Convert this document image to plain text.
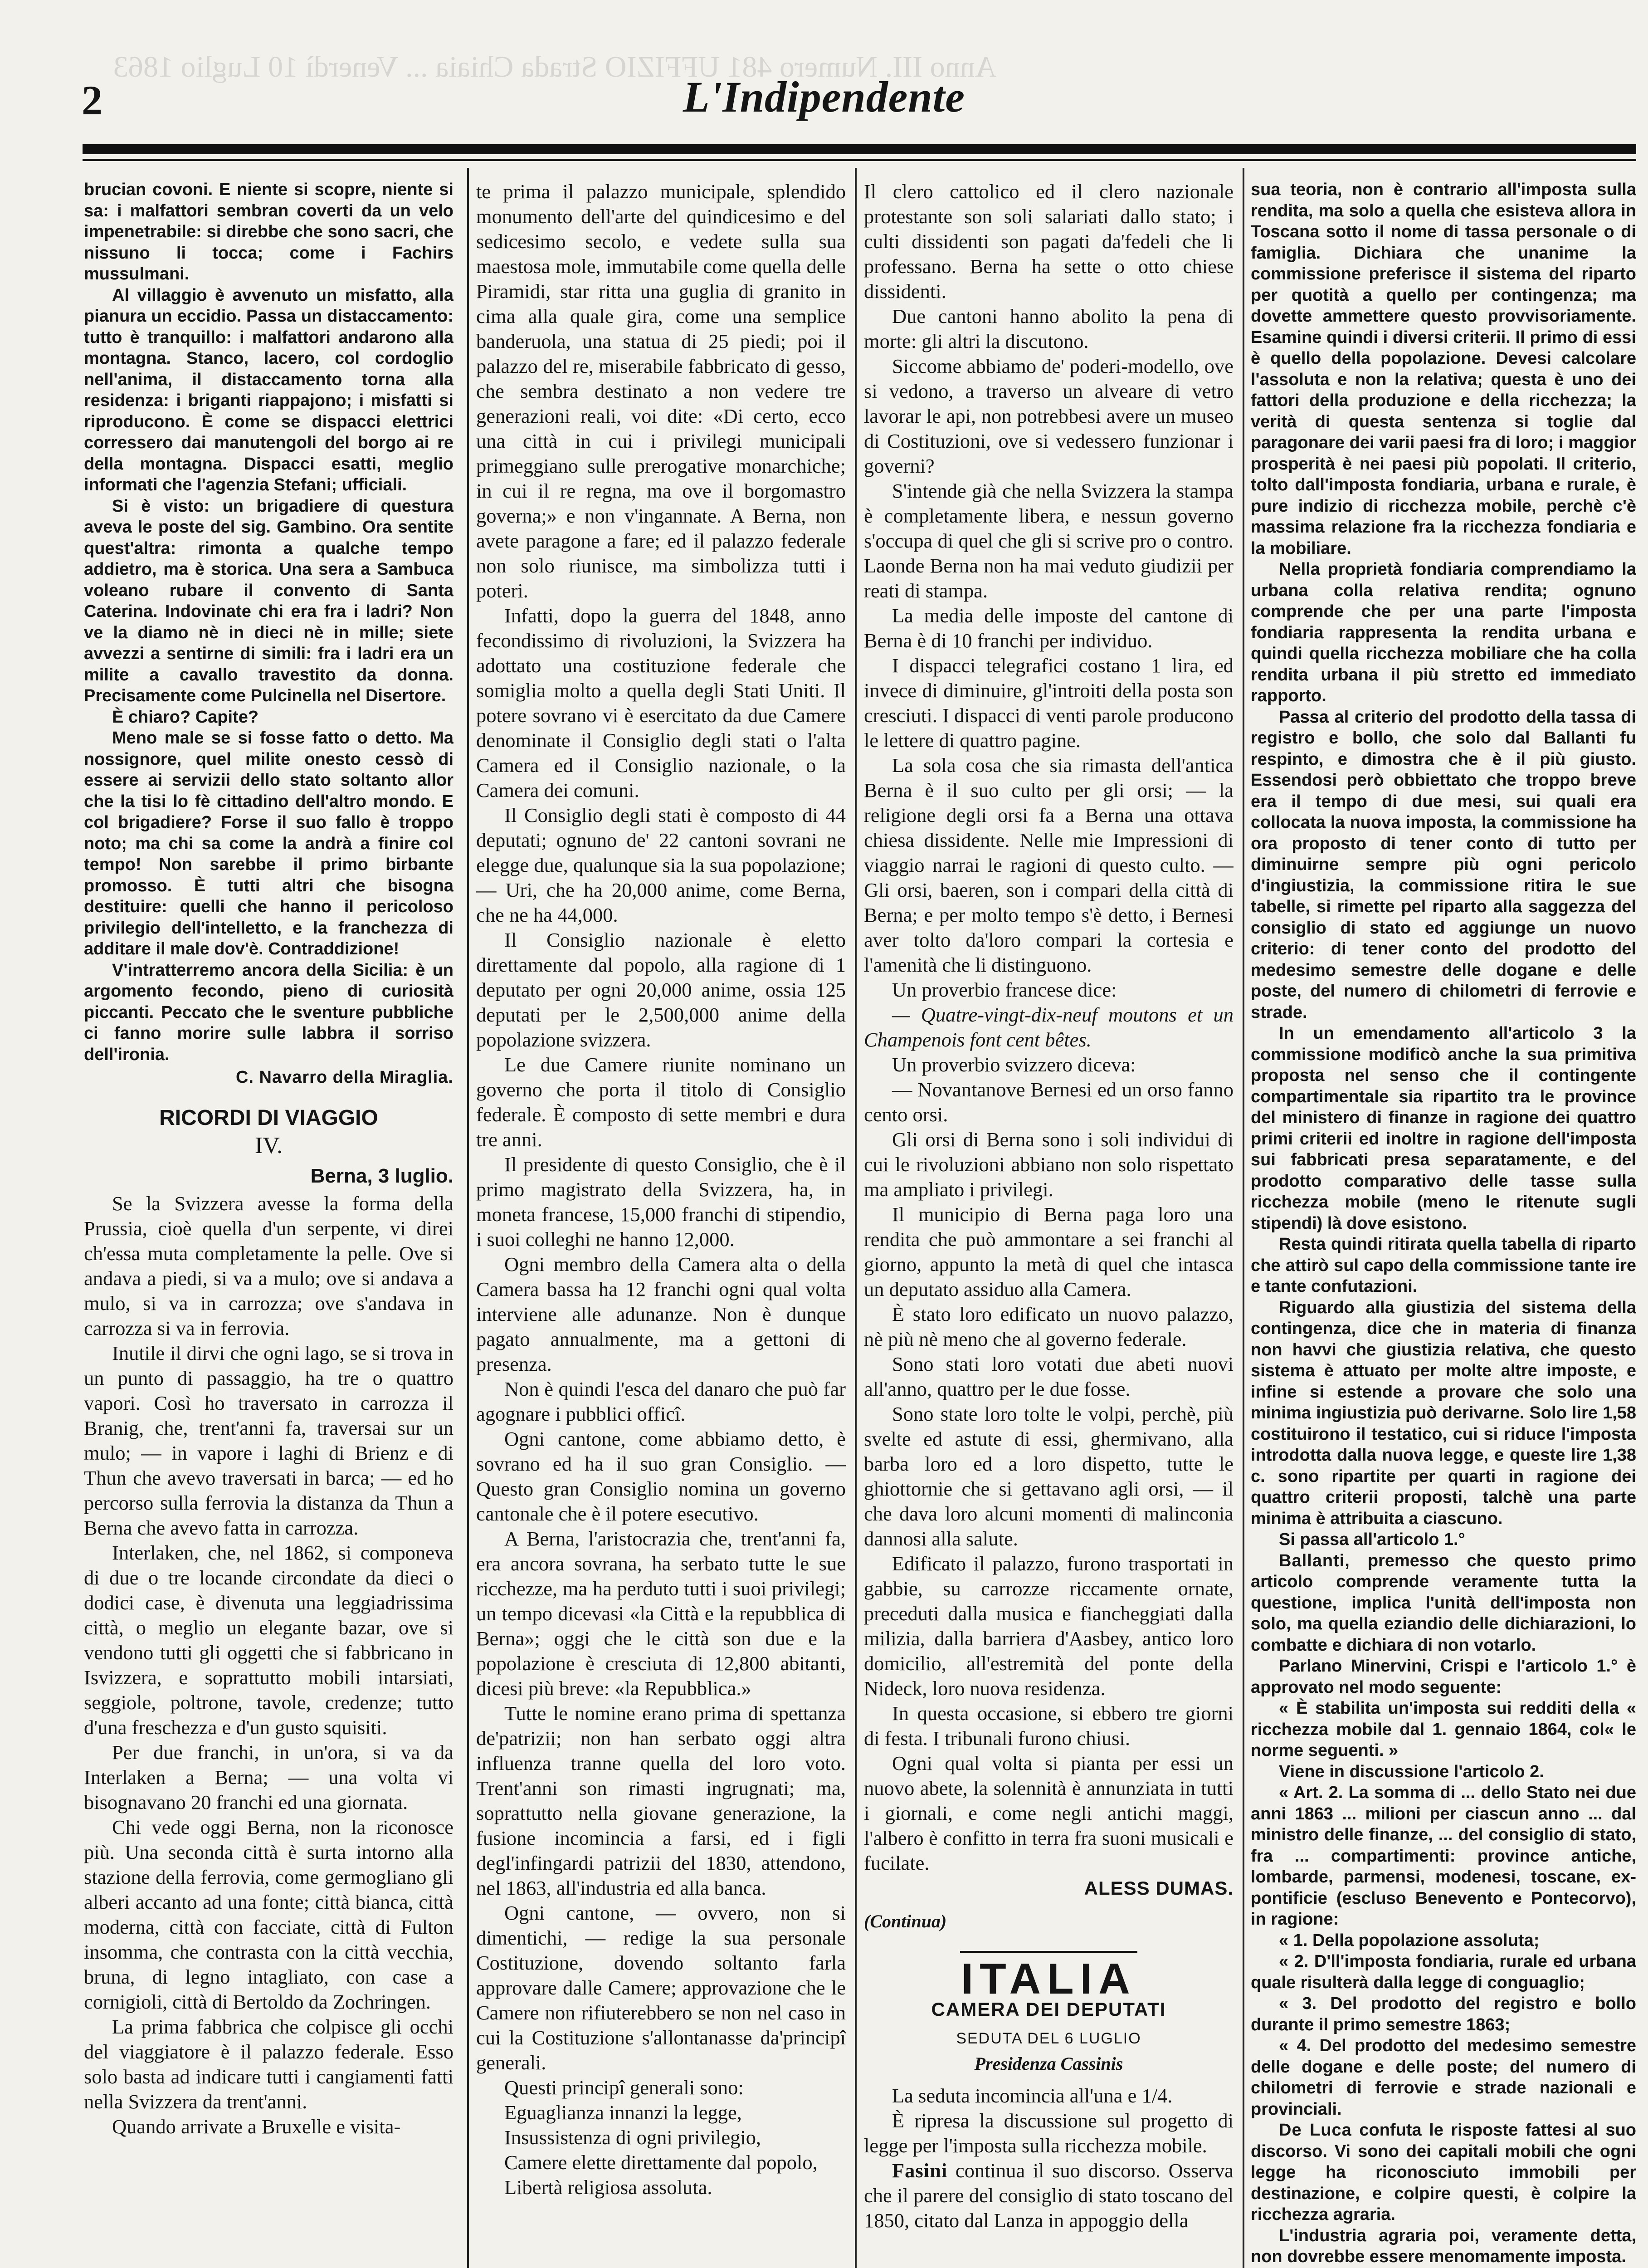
Anno III. Numero 481 UFFIZIO Strada Chiaia ... Venerdì 10 Luglio 1863
2	L'Indipendente

brucian covoni. E niente si scopre, niente si sa: i malfattori sembran coverti da un velo impenetrabile: si direbbe che sono sacri, che nissuno li tocca; come i Fachirs mussulmani.

Al villaggio è avvenuto un misfatto, alla pianura un eccidio. Passa un distaccamento: tutto è tranquillo: i malfattori andarono alla montagna. Stanco, lacero, col cordoglio nell'anima, il distaccamento torna alla residenza: i briganti riappajono; i misfatti si riproducono. È come se dispacci elettrici corressero dai manutengoli del borgo ai re della montagna. Dispacci esatti, meglio informati che l'agenzia Stefani; ufficiali.

Si è visto: un brigadiere di questura aveva le poste del sig. Gambino. Ora sentite quest'altra: rimonta a qualche tempo addietro, ma è storica. Una sera a Sambuca voleano rubare il convento di Santa Caterina. Indovinate chi era fra i ladri? Non ve la diamo nè in dieci nè in mille; siete avvezzi a sentirne di simili: fra i ladri era un milite a cavallo travestito da donna. Precisamente come Pulcinella nel Disertore.

È chiaro? Capite?

Meno male se si fosse fatto o detto. Ma nossignore, quel milite onesto cessò di essere ai servizii dello stato soltanto allor che la tisi lo fè cittadino dell'altro mondo. E col brigadiere? Forse il suo fallo è troppo noto; ma chi sa come la andrà a finire col tempo! Non sarebbe il primo birbante promosso. È tutti altri che bisogna destituire: quelli che hanno il pericoloso privilegio dell'intelletto, e la franchezza di additare il male dov'è. Contraddizione!

V'intratterremo ancora della Sicilia: è un argomento fecondo, pieno di curiosità piccanti. Peccato che le sventure pubbliche ci fanno morire sulle labbra il sorriso dell'ironia.

C. Navarro della Miraglia.
RICORDI DI VIAGGIO
IV.
Berna, 3 luglio.

Se la Svizzera avesse la forma della Prussia, cioè quella d'un serpente, vi direi ch'essa muta completamente la pelle. Ove si andava a piedi, si va a mulo; ove si andava a mulo, si va in carrozza; ove s'andava in carrozza si va in ferrovia.

Inutile il dirvi che ogni lago, se si trova in un punto di passaggio, ha tre o quattro vapori. Così ho traversato in carrozza il Branig, che, trent'anni fa, traversai sur un mulo; — in vapore i laghi di Brienz e di Thun che avevo traversati in barca; — ed ho percorso sulla ferrovia la distanza da Thun a Berna che avevo fatta in carrozza.

Interlaken, che, nel 1862, si componeva di due o tre locande circondate da dieci o dodici case, è divenuta una leggiadrissima città, o meglio un elegante bazar, ove si vendono tutti gli oggetti che si fabbricano in Isvizzera, e soprattutto mobili intarsiati, seggiole, poltrone, tavole, credenze; tutto d'una freschezza e d'un gusto squisiti.

Per due franchi, in un'ora, si va da Interlaken a Berna; — una volta vi bisognavano 20 franchi ed una giornata.

Chi vede oggi Berna, non la riconosce più. Una seconda città è surta intorno alla stazione della ferrovia, come germogliano gli alberi accanto ad una fonte; città bianca, città moderna, città con facciate, città di Fulton insomma, che contrasta con la città vecchia, bruna, di legno intagliato, con case a cornigioli, città di Bertoldo da Zochringen.

La prima fabbrica che colpisce gli occhi del viaggiatore è il palazzo federale. Esso solo basta ad indicare tutti i cangiamenti fatti nella Svizzera da trent'anni.

Quando arrivate a Bruxelle e visita-

te prima il palazzo municipale, splendido monumento dell'arte del quindicesimo e del sedicesimo secolo, e vedete sulla sua maestosa mole, immutabile come quella delle Piramidi, star ritta una guglia di granito in cima alla quale gira, come una semplice banderuola, una statua di 25 piedi; poi il palazzo del re, miserabile fabbricato di gesso, che sembra destinato a non vedere tre generazioni reali, voi dite: «Di certo, ecco una città in cui i privilegi municipali primeggiano sulle prerogative monarchiche; in cui il re regna, ma ove il borgomastro governa;» e non v'ingannate. A Berna, non avete paragone a fare; ed il palazzo federale non solo riunisce, ma simbolizza tutti i poteri.

Infatti, dopo la guerra del 1848, anno fecondissimo di rivoluzioni, la Svizzera ha adottato una costituzione federale che somiglia molto a quella degli Stati Uniti. Il potere sovrano vi è esercitato da due Camere denominate il Consiglio degli stati o l'alta Camera ed il Consiglio nazionale, o la Camera dei comuni.

Il Consiglio degli stati è composto di 44 deputati; ognuno de' 22 cantoni sovrani ne elegge due, qualunque sia la sua popolazione; — Uri, che ha 20,000 anime, come Berna, che ne ha 44,000.

Il Consiglio nazionale è eletto direttamente dal popolo, alla ragione di 1 deputato per ogni 20,000 anime, ossia 125 deputati per le 2,500,000 anime della popolazione svizzera.

Le due Camere riunite nominano un governo che porta il titolo di Consiglio federale. È composto di sette membri e dura tre anni.

Il presidente di questo Consiglio, che è il primo magistrato della Svizzera, ha, in moneta francese, 15,000 franchi di stipendio, i suoi colleghi ne hanno 12,000.

Ogni membro della Camera alta o della Camera bassa ha 12 franchi ogni qual volta interviene alle adunanze. Non è dunque pagato annualmente, ma a gettoni di presenza.

Non è quindi l'esca del danaro che può far agognare i pubblici officî.

Ogni cantone, come abbiamo detto, è sovrano ed ha il suo gran Consiglio. — Questo gran Consiglio nomina un governo cantonale che è il potere esecutivo.

A Berna, l'aristocrazia che, trent'anni fa, era ancora sovrana, ha serbato tutte le sue ricchezze, ma ha perduto tutti i suoi privilegi; un tempo dicevasi «la Città e la repubblica di Berna»; oggi che le città son due e la popolazione è cresciuta di 12,800 abitanti, dicesi più breve: «la Repubblica.»

Tutte le nomine erano prima di spettanza de'patrizii; non han serbato oggi altra influenza tranne quella del loro voto. Trent'anni son rimasti ingrugnati; ma, soprattutto nella giovane generazione, la fusione incomincia a farsi, ed i figli degl'infingardi patrizii del 1830, attendono, nel 1863, all'industria ed alla banca.

Ogni cantone, — ovvero, non si dimentichi, — redige la sua personale Costituzione, dovendo soltanto farla approvare dalle Camere; approvazione che le Camere non rifiuterebbero se non nel caso in cui la Costituzione s'allontanasse da'principî generali.

Questi principî generali sono:

Eguaglianza innanzi la legge,

Insussistenza di ogni privilegio,

Camere elette direttamente dal popolo,

Libertà religiosa assoluta.

Il clero cattolico ed il clero nazionale protestante son soli salariati dallo stato; i culti dissidenti son pagati da'fedeli che li professano. Berna ha sette o otto chiese dissidenti.

Due cantoni hanno abolito la pena di morte: gli altri la discutono.

Siccome abbiamo de' poderi-modello, ove si vedono, a traverso un alveare di vetro lavorar le api, non potrebbesi avere un museo di Costituzioni, ove si vedessero funzionar i governi?

S'intende già che nella Svizzera la stampa è completamente libera, e nessun governo s'occupa di quel che gli si scrive pro o contro. Laonde Berna non ha mai veduto giudizii per reati di stampa.

La media delle imposte del cantone di Berna è di 10 franchi per individuo.

I dispacci telegrafici costano 1 lira, ed invece di diminuire, gl'introiti della posta son cresciuti. I dispacci di venti parole producono le lettere di quattro pagine.

La sola cosa che sia rimasta dell'antica Berna è il suo culto per gli orsi; — la religione degli orsi fa a Berna una ottava chiesa dissidente. Nelle mie Impressioni di viaggio narrai le ragioni di questo culto. — Gli orsi, baeren, son i compari della città di Berna; e per molto tempo s'è detto, i Bernesi aver tolto da'loro compari la cortesia e l'amenità che li distinguono.

Un proverbio francese dice:

— Quatre-vingt-dix-neuf moutons et un Champenois font cent bêtes.

Un proverbio svizzero diceva:

— Novantanove Bernesi ed un orso fanno cento orsi.

Gli orsi di Berna sono i soli individui di cui le rivoluzioni abbiano non solo rispettato ma ampliato i privilegi.

Il municipio di Berna paga loro una rendita che può ammontare a sei franchi al giorno, appunto la metà di quel che intasca un deputato assiduo alla Camera.

È stato loro edificato un nuovo palazzo, nè più nè meno che al governo federale.

Sono stati loro votati due abeti nuovi all'anno, quattro per le due fosse.

Sono state loro tolte le volpi, perchè, più svelte ed astute di essi, ghermivano, alla barba loro ed a loro dispetto, tutte le ghiottornie che si gettavano agli orsi, — il che dava loro alcuni momenti di malinconia dannosi alla salute.

Edificato il palazzo, furono trasportati in gabbie, su carrozze riccamente ornate, preceduti dalla musica e fiancheggiati dalla milizia, dalla barriera d'Aasbey, antico loro domicilio, all'estremità del ponte della Nideck, loro nuova residenza.

In questa occasione, si ebbero tre giorni di festa. I tribunali furono chiusi.

Ogni qual volta si pianta per essi un nuovo abete, la solennità è annunziata in tutti i giornali, e come negli antichi maggi, l'albero è confitto in terra fra suoni musicali e fucilate.

ALESS DUMAS.
(Continua)
ITALIA
CAMERA DEI DEPUTATI
SEDUTA DEL 6 LUGLIO
Presidenza Cassinis

La seduta incomincia all'una e 1/4.

È ripresa la discussione sul progetto di legge per l'imposta sulla ricchezza mobile.

Fasini continua il suo discorso. Osserva che il parere del consiglio di stato toscano del 1850, citato dal Lanza in appoggio della

sua teoria, non è contrario all'imposta sulla rendita, ma solo a quella che esisteva allora in Toscana sotto il nome di tassa personale o di famiglia. Dichiara che unanime la commissione preferisce il sistema del riparto per quotità a quello per contingenza; ma dovette ammettere questo provvisoriamente. Esamine quindi i diversi criterii. Il primo di essi è quello della popolazione. Devesi calcolare l'assoluta e non la relativa; questa è uno dei fattori della produzione e della ricchezza; la verità di questa sentenza si toglie dal paragonare dei varii paesi fra di loro; i maggior prosperità è nei paesi più popolati. Il criterio, tolto dall'imposta fondiaria, urbana e rurale, è pure indizio di ricchezza mobile, perchè c'è massima relazione fra la ricchezza fondiaria e la mobiliare.

Nella proprietà fondiaria comprendiamo la urbana colla relativa rendita; ognuno comprende che per una parte l'imposta fondiaria rappresenta la rendita urbana e quindi quella ricchezza mobiliare che ha colla rendita urbana il più stretto ed immediato rapporto.

Passa al criterio del prodotto della tassa di registro e bollo, che solo dal Ballanti fu respinto, e dimostra che è il più giusto. Essendosi però obbiettato che troppo breve era il tempo di due mesi, sui quali era collocata la nuova imposta, la commissione ha ora proposto di tener conto di tutto per diminuirne sempre più ogni pericolo d'ingiustizia, la commissione ritira le sue tabelle, si rimette pel riparto alla saggezza del consiglio di stato ed aggiunge un nuovo criterio: di tener conto del prodotto del medesimo semestre delle dogane e delle poste, del numero di chilometri di ferrovie e strade.

In un emendamento all'articolo 3 la commissione modificò anche la sua primitiva proposta nel senso che il contingente compartimentale sia ripartito tra le province del ministero di finanze in ragione dei quattro primi criterii ed inoltre in ragione dell'imposta sui fabbricati presa separatamente, e del prodotto comparativo delle tasse sulla ricchezza mobile (meno le ritenute sugli stipendi) là dove esistono.

Resta quindi ritirata quella tabella di riparto che attirò sul capo della commissione tante ire e tante confutazioni.

Riguardo alla giustizia del sistema della contingenza, dice che in materia di finanza non havvi che giustizia relativa, che questo sistema è attuato per molte altre imposte, e infine si estende a provare che solo una minima ingiustizia può derivarne. Solo lire 1,58 costituirono il testatico, cui si riduce l'imposta introdotta dalla nuova legge, e queste lire 1,38 c. sono ripartite per quarti in ragione dei quattro criterii proposti, talchè una parte minima è attribuita a ciascuno.

Si passa all'articolo 1.°

Ballanti, premesso che questo primo articolo comprende veramente tutta la questione, implica l'unità dell'imposta non solo, ma quella eziandio delle dichiarazioni, lo combatte e dichiara di non votarlo.

Parlano Minervini, Crispi e l'articolo 1.° è approvato nel modo seguente:

« È stabilita un'imposta sui redditi della « ricchezza mobile dal 1. gennaio 1864, col« le norme seguenti. »

Viene in discussione l'articolo 2.

« Art. 2. La somma di ... dello Stato nei due anni 1863 ... milioni per ciascun anno ... dal ministro delle finanze, ... del consiglio di stato, fra ... compartimenti: province antiche, lombarde, parmensi, modenesi, toscane, ex-pontificie (escluso Benevento e Pontecorvo), in ragione:

« 1. Della popolazione assoluta;

« 2. D'll'imposta fondiaria, rurale ed urbana quale risulterà dalla legge di conguaglio;

« 3. Del prodotto del registro e bollo durante il primo semestre 1863;

« 4. Del prodotto del medesimo semestre delle dogane e delle poste; del numero di chilometri di ferrovie e strade nazionali e provinciali.

De Luca confuta le risposte fattesi al suo discorso. Vi sono dei capitali mobili che ogni legge ha riconosciuto immobili per destinazione, e colpire questi, è colpire la ricchezza agraria.

L'industria agraria poi, veramente detta, non dovrebbe essere menomamente imposta.
